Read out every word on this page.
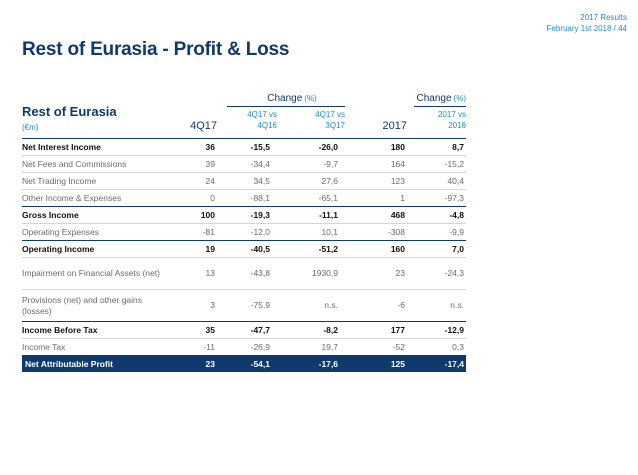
2017 Results
February 1st 2018 / 44
Rest of Eurasia - Profit & Loss
Rest of Eurasia
(€m)	4Q17
Change (%)
4Q17 vs
4Q16
4Q17 vs
3Q17	2017
Change (%)
2017 vs
2016
Net Interest Income	36	-15,5	-26,0	180	8,7
Net Fees and Commissions	39	-34,4	-9,7	164	-15,2
Net Trading Income	24	34,5	27,6	123	40,4
Other Income & Expenses	0	-88,1	-65,1	1	-97,3
Gross Income	100	-19,3	-11,1	468	-4,8
Operating Expenses	-81	-12,0	10,1	-308	-9,9
Operating Income	19	-40,5	-51,2	160	7,0
Impairment on Financial Assets (net)	13	-43,8	1930,9	23	-24,3
Provisions (net) and other gains (losses)	3	-75,9	n.s.	-6	n.s.
Income Before Tax	35	-47,7	-8,2	177	-12,9
Income Tax	-11	-26,9	19,7	-52	0,3
Net Attributable Profit	23	-54,1	-17,6	125	-17,4
